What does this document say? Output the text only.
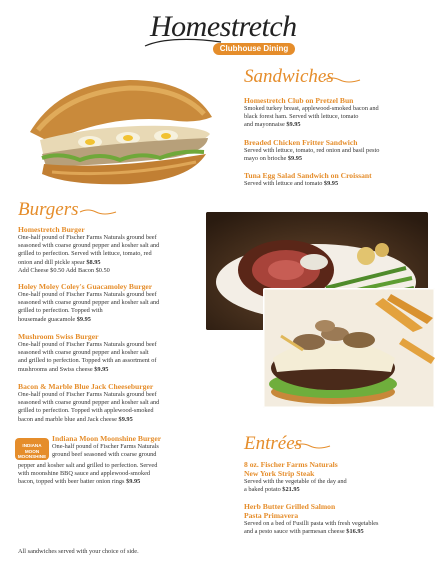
Homestretch
Clubhouse Dining
Sandwiches
Homestretch Club on Pretzel Bun
Smoked turkey breast, applewood-smoked bacon and
black forest ham. Served with lettuce, tomato
and mayonnaise $9.95
Breaded Chicken Fritter Sandwich
Served with lettuce, tomato, red onion and basil pesto
mayo on brioche $9.95
Tuna Egg Salad Sandwich on Croissant
Served with lettuce and tomato $9.95
Burgers
Homestretch Burger
One-half pound of Fischer Farms Naturals ground beef
seasoned with coarse ground pepper and kosher salt and
grilled to perfection. Served with lettuce, tomato, red
onion and dill pickle spear $8.95
Add Cheese $0.50 Add Bacon $0.50
Holey Moley Coley's Guacamoley Burger
One-half pound of Fischer Farms Naturals ground beef
seasoned with coarse ground pepper and kosher salt and
grilled to perfection. Topped with
housemade guacamole $9.95
Mushroom Swiss Burger
One-half pound of Fischer Farms Naturals ground beef
seasoned with coarse ground pepper and kosher salt
and grilled to perfection. Topped with an assortment of
mushrooms and Swiss cheese $9.95
Bacon & Marble Blue Jack Cheeseburger
One-half pound of Fischer Farms Naturals ground beef
seasoned with coarse ground pepper and kosher salt and
grilled to perfection. Topped with applewood-smoked
bacon and marble blue and Jack cheese $9.95
INDIANA MOON MOONSHINE
Indiana Moon Moonshine Burger
One-half pound of Fischer Farms Naturals
ground beef seasoned with coarse ground
pepper and kosher salt and grilled to perfection. Served
with moonshine BBQ sauce and applewood-smoked
bacon, topped with beer batter onion rings $9.95
Entrées
8 oz. Fischer Farms Naturals
New York Strip Steak
Served with the vegetable of the day and
a baked potato $21.95
Herb Butter Grilled Salmon
Pasta Primavera
Served on a bed of Fusilli pasta with fresh vegetables
and a pesto sauce with parmesan cheese $16.95
All sandwiches served with your choice of side.
